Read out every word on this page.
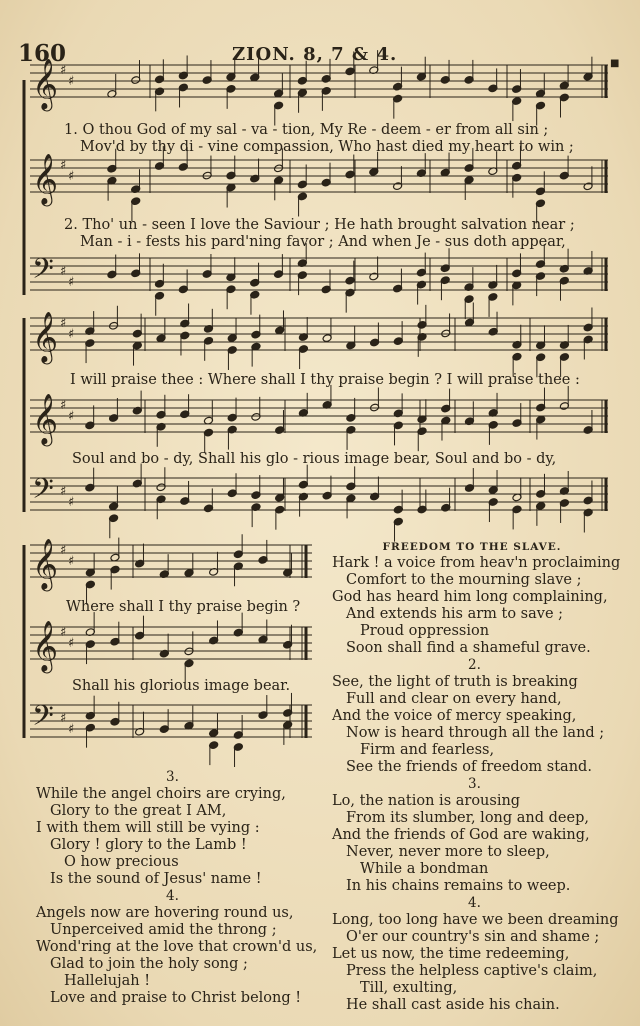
160	ZION. 8, 7 & 4.	■
𝄞 ♯
♯
𝄞 ♯
♯
𝄢 ♯
♯
𝄞 ♯
♯
𝄞 ♯
♯
𝄢 ♯
♯
𝄞 ♯
♯
𝄞 ♯
♯
𝄢 ♯
♯
1. O thou God of my sal - va - tion, My Re - deem - er from all sin ;
Mov'd by thy di - vine compassion, Who hast died my heart to win ;
2. Tho' un - seen I love the Saviour ; He hath brought salvation near ;
Man - i - fests his pard'ning favor ; And when Je - sus doth appear,
I will praise thee : Where shall I thy praise begin ? I will praise thee :
Soul and bo - dy, Shall his glo - rious image bear, Soul and bo - dy,
Where shall I thy praise begin ?
Shall his glorious image bear.
FREEDOM TO THE SLAVE.
Hark ! a voice from heav'n proclaiming
Comfort to the mourning slave ;
God has heard him long complaining,
And extends his arm to save ;
Proud oppression
Soon shall find a shameful grave.
2.
See, the light of truth is breaking
Full and clear on every hand,
And the voice of mercy speaking,
Now is heard through all the land ;
Firm and fearless,
See the friends of freedom stand.
3.
Lo, the nation is arousing
From its slumber, long and deep,
And the friends of God are waking,
Never, never more to sleep,
While a bondman
In his chains remains to weep.
4.
Long, too long have we been dreaming
O'er our country's sin and shame ;
Let us now, the time redeeming,
Press the helpless captive's claim,
Till, exulting,
He shall cast aside his chain.
3.
While the angel choirs are crying,
Glory to the great I AM,
I with them will still be vying :
Glory ! glory to the Lamb !
O how precious
Is the sound of Jesus' name !
4.
Angels now are hovering round us,
Unperceived amid the throng ;
Wond'ring at the love that crown'd us,
Glad to join the holy song ;
Hallelujah !
Love and praise to Christ belong !
